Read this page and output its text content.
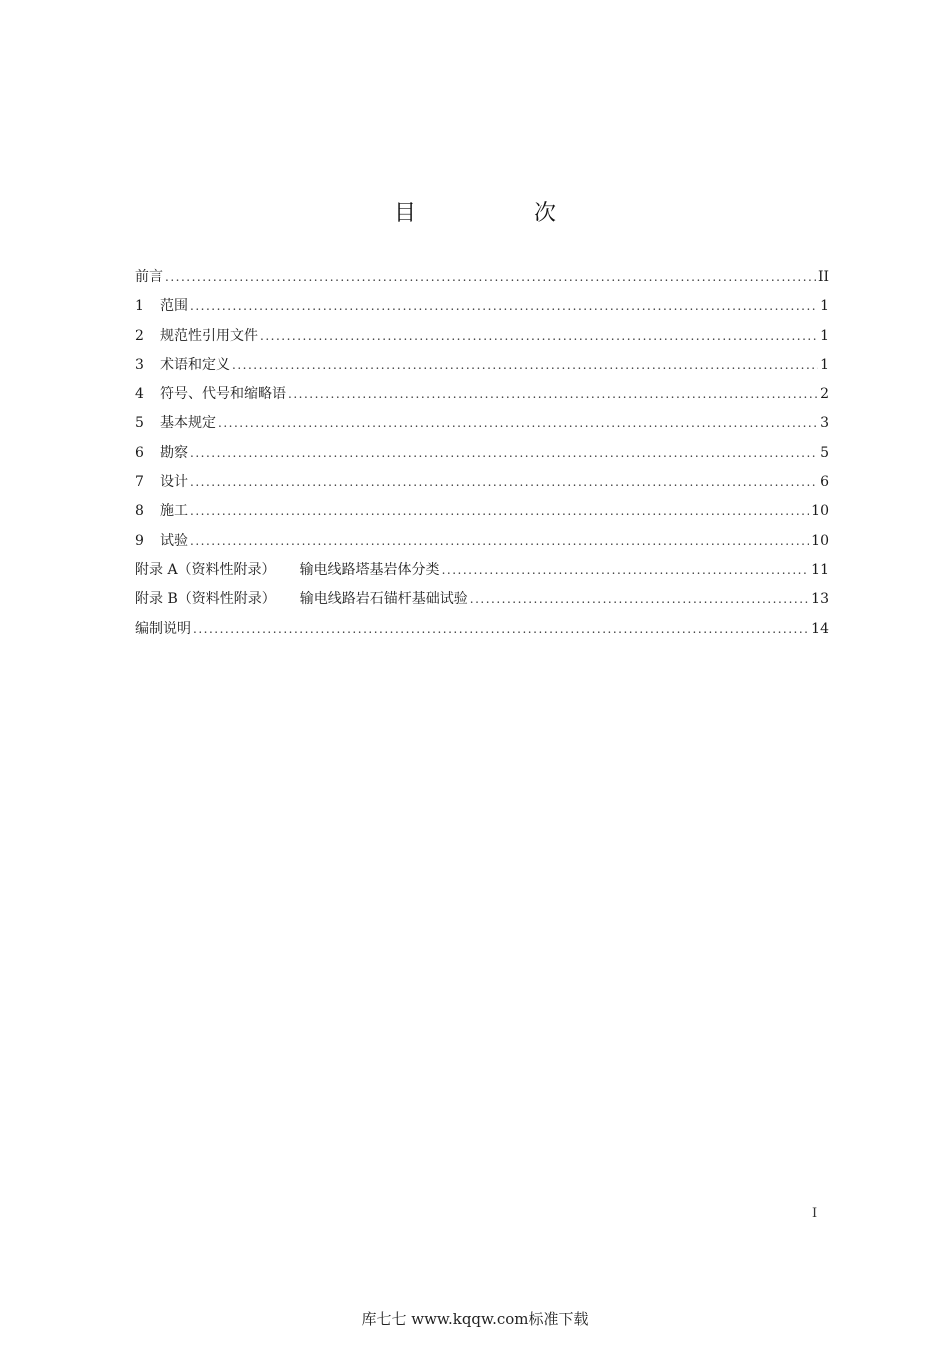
目　次
前言 .....	II
1	范围 .....	1
2	规范性引用文件 .....	1
3	术语和定义 .....	1
4	符号、代号和缩略语 .....	2
5	基本规定 .....	3
6	勘察 .....	5
7	设计 .....	6
8	施工 .....	10
9	试验 .....	10
附录 A（资料性附录） 输电线路塔基岩体分类 .....	11
附录 B（资料性附录） 输电线路岩石锚杆基础试验 .....	13
编制说明 .....	14
I
库七七 www.kqqw.com标准下载
